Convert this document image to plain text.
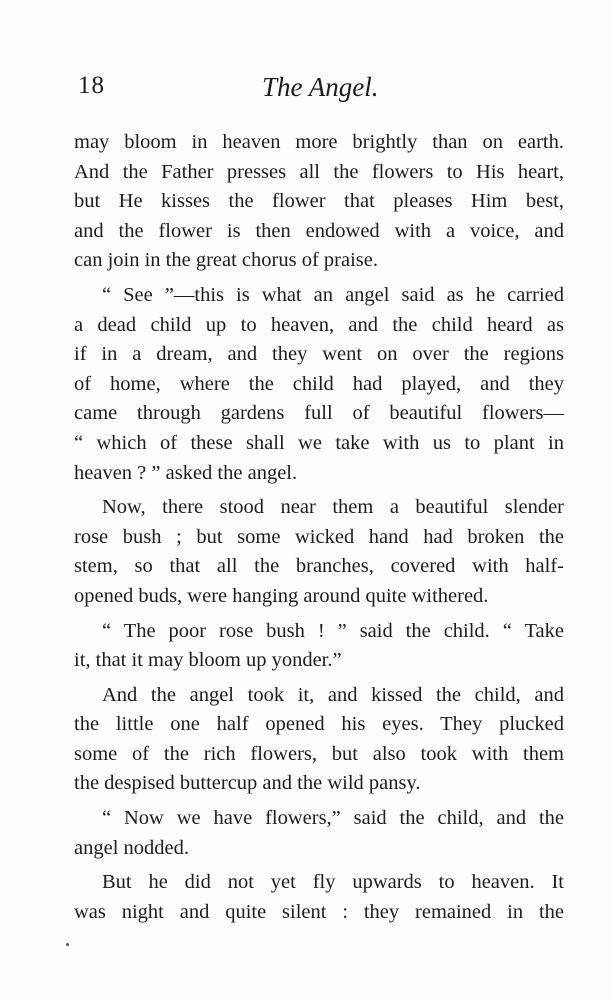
18	The Angel.
may bloom in heaven more brightly than on earth.
And the Father presses all the flowers to His heart,
but He kisses the flower that pleases Him best,
and the flower is then endowed with a voice, and
can join in the great chorus of praise.
“ See ”—this is what an angel said as he carried
a dead child up to heaven, and the child heard as
if in a dream, and they went on over the regions
of home, where the child had played, and they
came through gardens full of beautiful flowers—
“ which of these shall we take with us to plant in
heaven ? ” asked the angel.
Now, there stood near them a beautiful slender
rose bush ; but some wicked hand had broken the
stem, so that all the branches, covered with half-
opened buds, were hanging around quite withered.
“ The poor rose bush ! ” said the child. “ Take
it, that it may bloom up yonder.”
And the angel took it, and kissed the child, and
the little one half opened his eyes. They plucked
some of the rich flowers, but also took with them
the despised buttercup and the wild pansy.
“ Now we have flowers,” said the child, and the
angel nodded.
But he did not yet fly upwards to heaven. It
was night and quite silent : they remained in the
